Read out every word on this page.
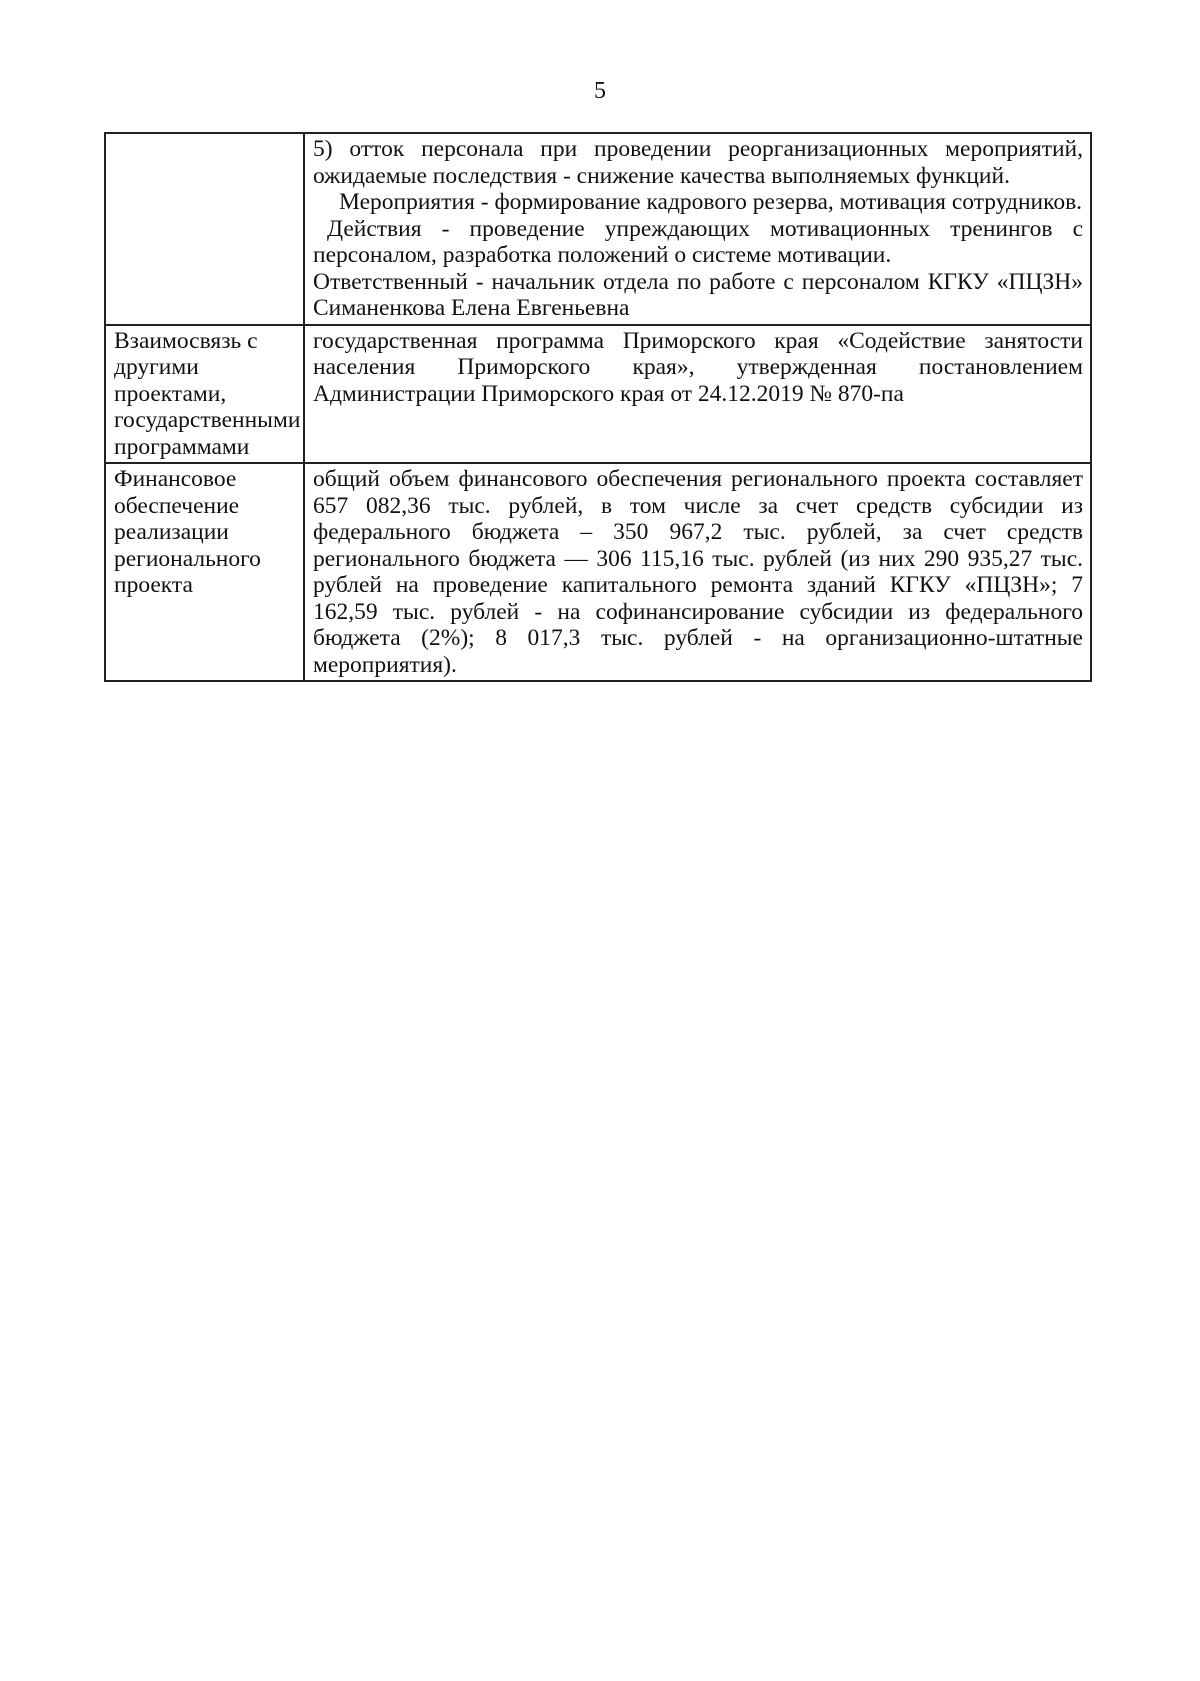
5

	5) отток персонала при проведении реорганизационных мероприятий, ожидаемые последствия - снижение качества выполняемых функций.

Мероприятия - формирование кадрового резерва, мотивация сотрудников.

Действия - проведение упреждающих мотивационных тренингов с персоналом, разработка положений о системе мотивации.

Ответственный - начальник отдела по работе с персоналом КГКУ «ПЦЗН» Симаненкова Елена Евгеньевна

Взаимосвязь с другими проектами, государственными программами	государственная программа Приморского края «Содействие занятости населения Приморского края», утвержденная постановлением Администрации Приморского края от 24.12.2019 № 870-па

Финансовое обеспечение реализации регионального проекта	общий объем финансового обеспечения регионального проекта составляет 657 082,36 тыс. рублей, в том числе за счет средств субсидии из федерального бюджета – 350 967,2 тыс. рублей, за счет средств регионального бюджета — 306 115,16 тыс. рублей (из них 290 935,27 тыс. рублей на проведение капитального ремонта зданий КГКУ «ПЦЗН»; 7 162,59 тыс. рублей - на софинансирование субсидии из федерального бюджета (2%); 8 017,3 тыс. рублей - на организационно-штатные мероприятия).
